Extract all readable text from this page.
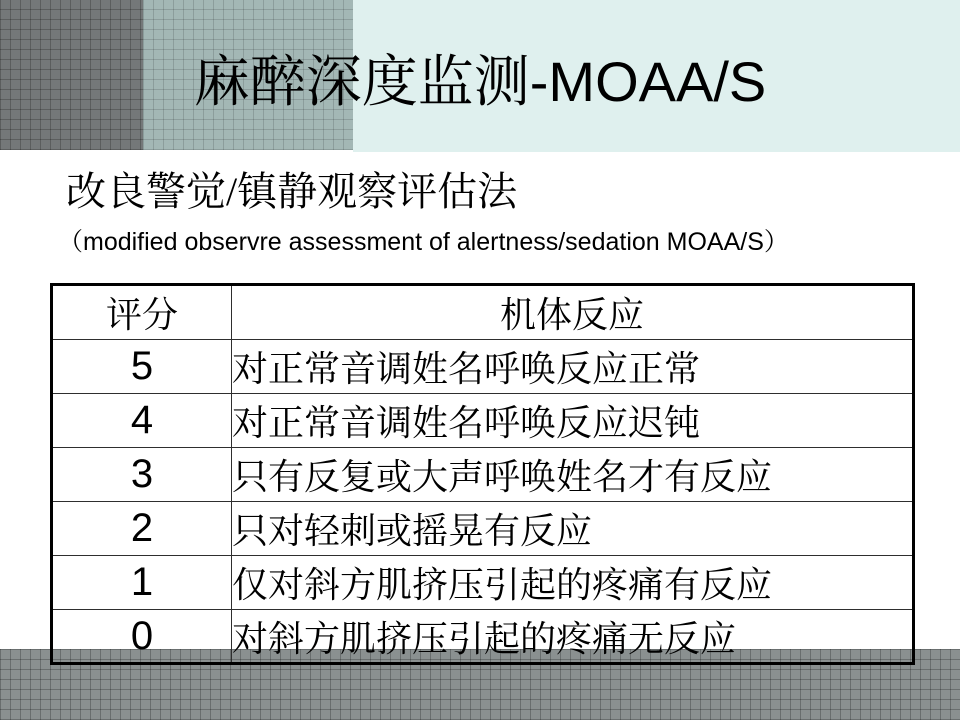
麻醉深度监测-MOAA/S
改良警觉/镇静观察评估法
（modified observre assessment of alertness/sedation MOAA/S）
评分	机体反应
5	对正常音调姓名呼唤反应正常
4	对正常音调姓名呼唤反应迟钝
3	只有反复或大声呼唤姓名才有反应
2	只对轻刺或摇晃有反应
1	仅对斜方肌挤压引起的疼痛有反应
0	对斜方肌挤压引起的疼痛无反应
